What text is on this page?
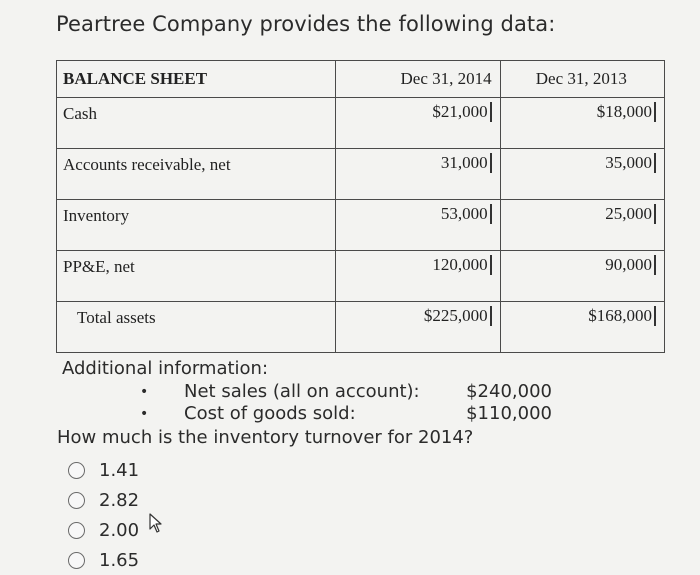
Peartree Company provides the following data:
BALANCE SHEET	Dec 31, 2014	Dec 31, 2013
Cash	$21,000	$18,000
Accounts receivable, net	31,000	35,000
Inventory	53,000	25,000
PP&E, net	120,000	90,000
Total assets	$225,000	$168,000
Additional information:
•	Net sales (all on account):	$240,000
•	Cost of goods sold:	$110,000
How much is the inventory turnover for 2014?
1.41
2.82
2.00
1.65
